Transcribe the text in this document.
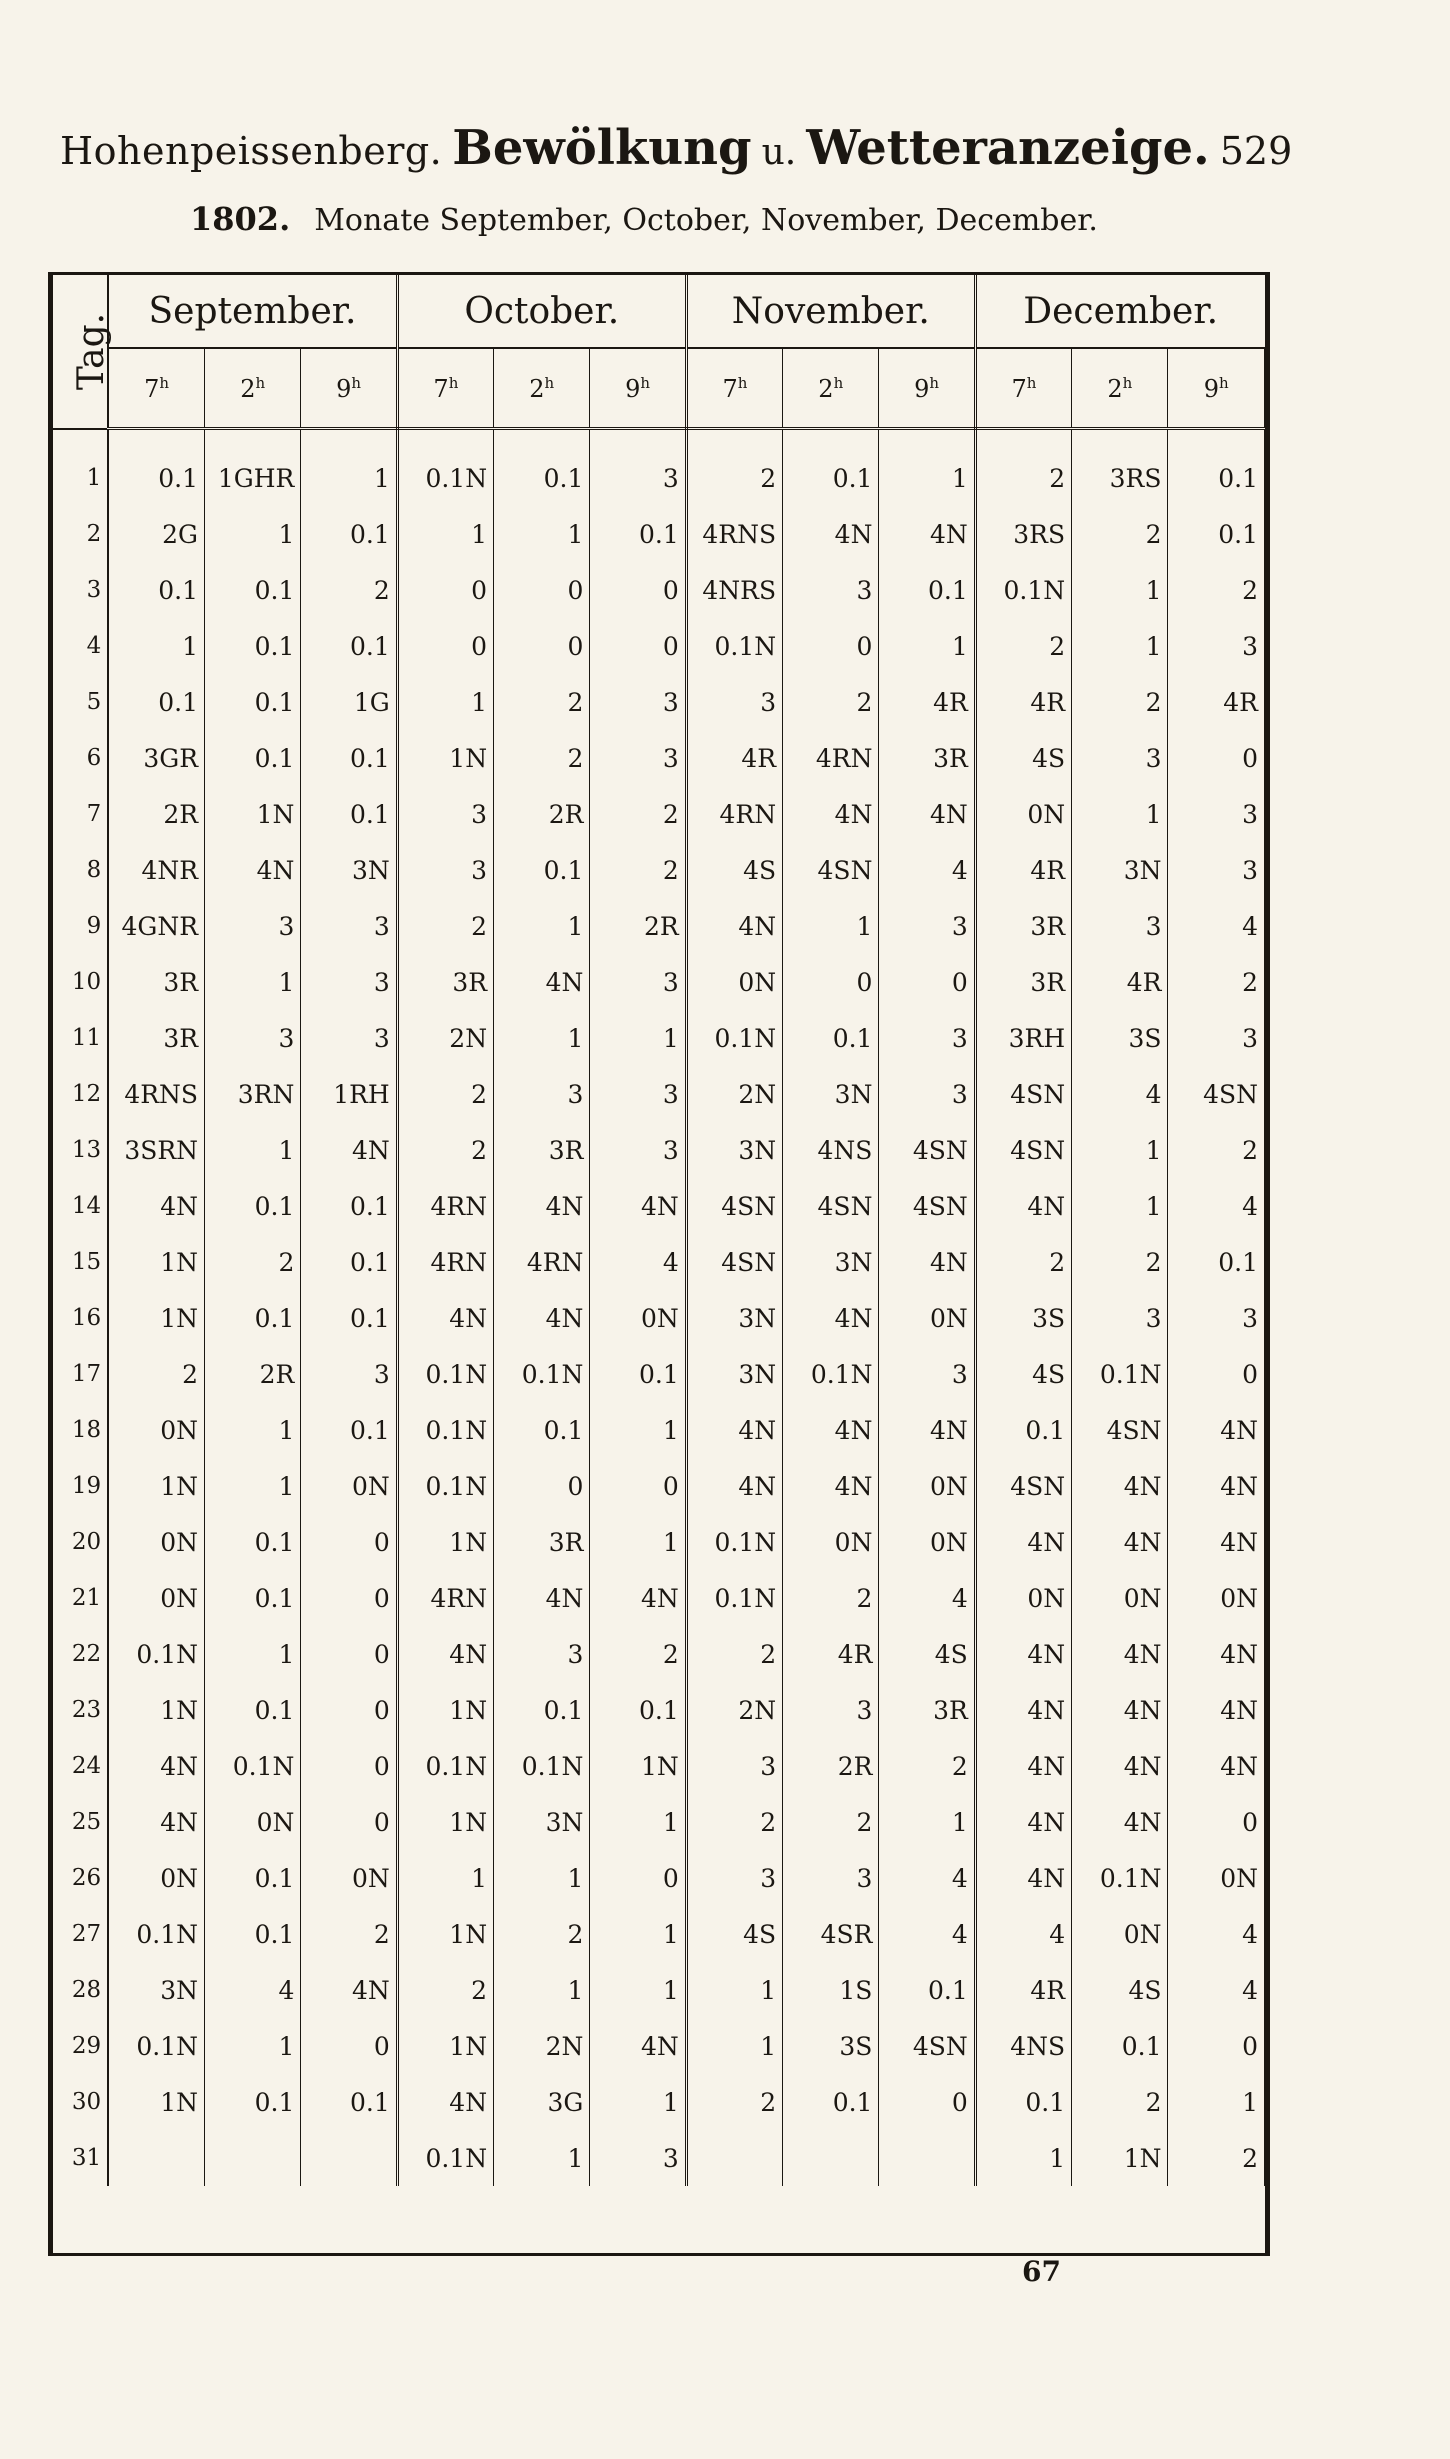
Hohenpeissenberg. Bewölkung u. Wetteranzeige. 529
1802. Monate September, October, November, December.
Tag.	September.			October.			November.			December.		
	7$^h$	2$^h$	9$^h$	7$^h$	2$^h$	9$^h$	7$^h$	2$^h$	9$^h$	7$^h$	2$^h$	9$^h$
1	0.1	1GHR	1	0.1N	0.1	3	2	0.1	1	2	3RS	0.1
2	2G	1	0.1	1	1	0.1	4RNS	4N	4N	3RS	2	0.1
3	0.1	0.1	2	0	0	0	4NRS	3	0.1	0.1N	1	2
4	1	0.1	0.1	0	0	0	0.1N	0	1	2	1	3
5	0.1	0.1	1G	1	2	3	3	2	4R	4R	2	4R
6	3GR	0.1	0.1	1N	2	3	4R	4RN	3R	4S	3	0
7	2R	1N	0.1	3	2R	2	4RN	4N	4N	0N	1	3
8	4NR	4N	3N	3	0.1	2	4S	4SN	4	4R	3N	3
9	4GNR	3	3	2	1	2R	4N	1	3	3R	3	4
10	3R	1	3	3R	4N	3	0N	0	0	3R	4R	2
11	3R	3	3	2N	1	1	0.1N	0.1	3	3RH	3S	3
12	4RNS	3RN	1RH	2	3	3	2N	3N	3	4SN	4	4SN
13	3SRN	1	4N	2	3R	3	3N	4NS	4SN	4SN	1	2
14	4N	0.1	0.1	4RN	4N	4N	4SN	4SN	4SN	4N	1	4
15	1N	2	0.1	4RN	4RN	4	4SN	3N	4N	2	2	0.1
16	1N	0.1	0.1	4N	4N	0N	3N	4N	0N	3S	3	3
17	2	2R	3	0.1N	0.1N	0.1	3N	0.1N	3	4S	0.1N	0
18	0N	1	0.1	0.1N	0.1	1	4N	4N	4N	0.1	4SN	4N
19	1N	1	0N	0.1N	0	0	4N	4N	0N	4SN	4N	4N
20	0N	0.1	0	1N	3R	1	0.1N	0N	0N	4N	4N	4N
21	0N	0.1	0	4RN	4N	4N	0.1N	2	4	0N	0N	0N
22	0.1N	1	0	4N	3	2	2	4R	4S	4N	4N	4N
23	1N	0.1	0	1N	0.1	0.1	2N	3	3R	4N	4N	4N
24	4N	0.1N	0	0.1N	0.1N	1N	3	2R	2	4N	4N	4N
25	4N	0N	0	1N	3N	1	2	2	1	4N	4N	0
26	0N	0.1	0N	1	1	0	3	3	4	4N	0.1N	0N
27	0.1N	0.1	2	1N	2	1	4S	4SR	4	4	0N	4
28	3N	4	4N	2	1	1	1	1S	0.1	4R	4S	4
29	0.1N	1	0	1N	2N	4N	1	3S	4SN	4NS	0.1	0
30	1N	0.1	0.1	4N	3G	1	2	0.1	0	0.1	2	1
31				0.1N	1	3				1	1N	2
67
